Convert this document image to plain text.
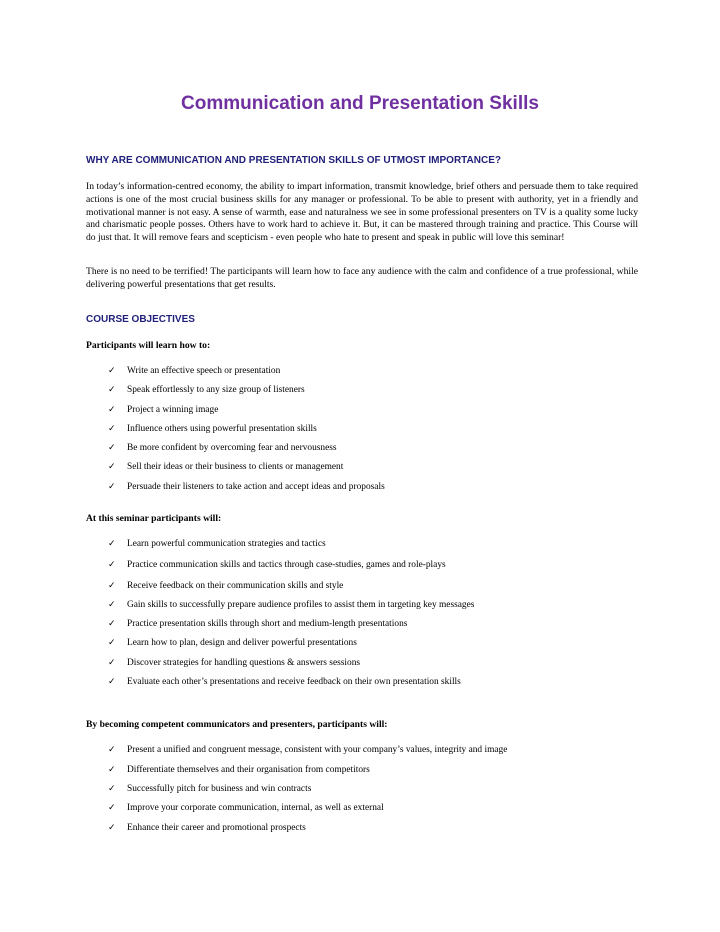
Communication and Presentation Skills
WHY ARE COMMUNICATION AND PRESENTATION SKILLS OF UTMOST IMPORTANCE?

In today’s information-centred economy, the ability to impart information, transmit knowledge, brief others and persuade them to take required actions is one of the most crucial business skills for any manager or professional. To be able to present with authority, yet in a friendly and motivational manner is not easy. A sense of warmth, ease and naturalness we see in some professional presenters on TV is a quality some lucky and charismatic people posses. Others have to work hard to achieve it. But, it can be mastered through training and practice. This Course will do just that. It will remove fears and scepticism - even people who hate to present and speak in public will love this seminar!

There is no need to be terrified! The participants will learn how to face any audience with the calm and confidence of a true professional, while delivering powerful presentations that get results.

COURSE OBJECTIVES

Participants will learn how to:

✓ Write an effective speech or presentation
✓ Speak effortlessly to any size group of listeners
✓ Project a winning image
✓ Influence others using powerful presentation skills
✓ Be more confident by overcoming fear and nervousness
✓ Sell their ideas or their business to clients or management
✓ Persuade their listeners to take action and accept ideas and proposals

At this seminar participants will:

✓ Learn powerful communication strategies and tactics
✓ Practice communication skills and tactics through case-studies, games and role-plays
✓ Receive feedback on their communication skills and style
✓ Gain skills to successfully prepare audience profiles to assist them in targeting key messages
✓ Practice presentation skills through short and medium-length presentations
✓ Learn how to plan, design and deliver powerful presentations
✓ Discover strategies for handling questions & answers sessions
✓ Evaluate each other’s presentations and receive feedback on their own presentation skills

By becoming competent communicators and presenters, participants will:

✓ Present a unified and congruent message, consistent with your company’s values, integrity and image
✓ Differentiate themselves and their organisation from competitors
✓ Successfully pitch for business and win contracts
✓ Improve your corporate communication, internal, as well as external
✓ Enhance their career and promotional prospects
